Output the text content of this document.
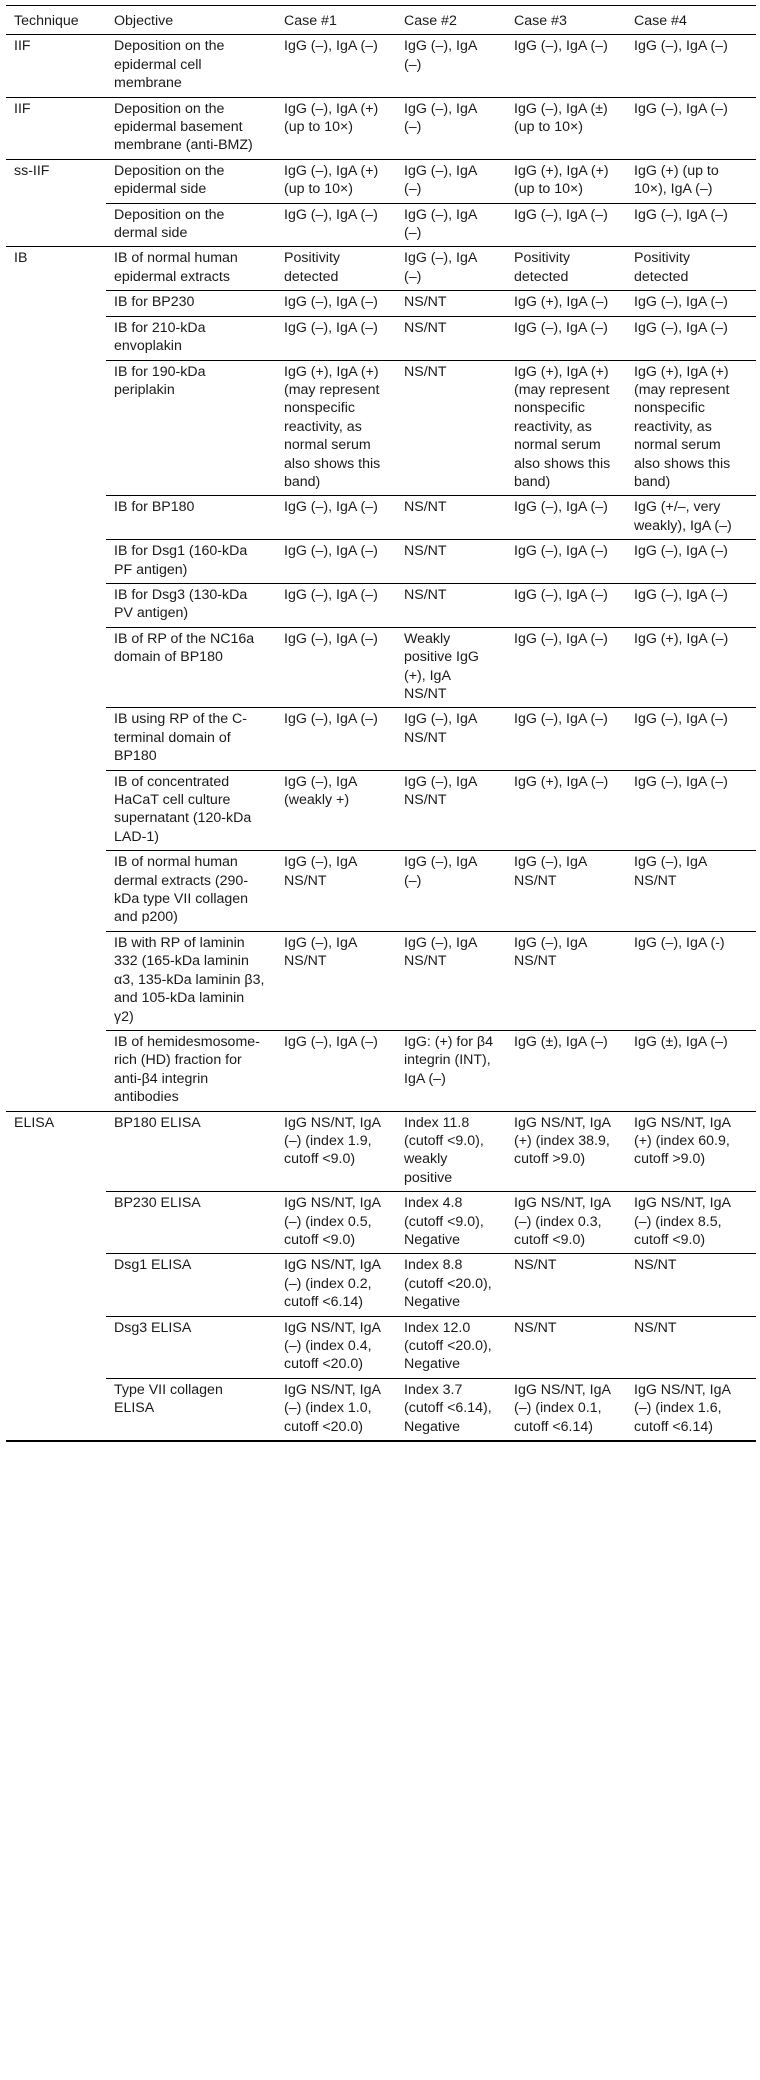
Technique	Objective	Case #1	Case #2	Case #3	Case #4
IIF	Deposition on the epidermal cell membrane	IgG (–), IgA (–)	IgG (–), IgA (–)	IgG (–), IgA (–)	IgG (–), IgA (–)
IIF	Deposition on the epidermal basement membrane (anti-BMZ)	IgG (–), IgA (+) (up to 10×)	IgG (–), IgA (–)	IgG (–), IgA (±) (up to 10×)	IgG (–), IgA (–)
ss-IIF	Deposition on the epidermal side	IgG (–), IgA (+) (up to 10×)	IgG (–), IgA (–)	IgG (+), IgA (+) (up to 10×)	IgG (+) (up to 10×), IgA (–)
	Deposition on the dermal side	IgG (–), IgA (–)	IgG (–), IgA (–)	IgG (–), IgA (–)	IgG (–), IgA (–)
IB	IB of normal human epidermal extracts	Positivity detected	IgG (–), IgA (–)	Positivity detected	Positivity detected
	IB for BP230	IgG (–), IgA (–)	NS/NT	IgG (+), IgA (–)	IgG (–), IgA (–)
	IB for 210-kDa envoplakin	IgG (–), IgA (–)	NS/NT	IgG (–), IgA (–)	IgG (–), IgA (–)
	IB for 190-kDa periplakin	IgG (+), IgA (+) (may represent nonspecific reactivity, as normal serum also shows this band)	NS/NT	IgG (+), IgA (+) (may represent nonspecific reactivity, as normal serum also shows this band)	IgG (+), IgA (+) (may represent nonspecific reactivity, as normal serum also shows this band)
	IB for BP180	IgG (–), IgA (–)	NS/NT	IgG (–), IgA (–)	IgG (+/–, very weakly), IgA (–)
	IB for Dsg1 (160-kDa PF antigen)	IgG (–), IgA (–)	NS/NT	IgG (–), IgA (–)	IgG (–), IgA (–)
	IB for Dsg3 (130-kDa PV antigen)	IgG (–), IgA (–)	NS/NT	IgG (–), IgA (–)	IgG (–), IgA (–)
	IB of RP of the NC16a domain of BP180	IgG (–), IgA (–)	Weakly positive IgG (+), IgA NS/NT	IgG (–), IgA (–)	IgG (+), IgA (–)
	IB using RP of the C-terminal domain of BP180	IgG (–), IgA (–)	IgG (–), IgA NS/NT	IgG (–), IgA (–)	IgG (–), IgA (–)
	IB of concentrated HaCaT cell culture supernatant (120-kDa LAD-1)	IgG (–), IgA (weakly +)	IgG (–), IgA NS/NT	IgG (+), IgA (–)	IgG (–), IgA (–)
	IB of normal human dermal extracts (290-kDa type VII collagen and p200)	IgG (–), IgA NS/NT	IgG (–), IgA (–)	IgG (–), IgA NS/NT	IgG (–), IgA NS/NT
	IB with RP of laminin 332 (165-kDa laminin α3, 135-kDa laminin β3, and 105-kDa laminin γ2)	IgG (–), IgA NS/NT	IgG (–), IgA NS/NT	IgG (–), IgA NS/NT	IgG (–), IgA (-)
	IB of hemidesmosome-rich (HD) fraction for anti-β4 integrin antibodies	IgG (–), IgA (–)	IgG: (+) for β4 integrin (INT), IgA (–)	IgG (±), IgA (–)	IgG (±), IgA (–)
ELISA	BP180 ELISA	IgG NS/NT, IgA (–) (index 1.9, cutoff <9.0)	Index 11.8 (cutoff <9.0), weakly positive	IgG NS/NT, IgA (+) (index 38.9, cutoff >9.0)	IgG NS/NT, IgA (+) (index 60.9, cutoff >9.0)
	BP230 ELISA	IgG NS/NT, IgA (–) (index 0.5, cutoff <9.0)	Index 4.8 (cutoff <9.0), Negative	IgG NS/NT, IgA (–) (index 0.3, cutoff <9.0)	IgG NS/NT, IgA (–) (index 8.5, cutoff <9.0)
	Dsg1 ELISA	IgG NS/NT, IgA (–) (index 0.2, cutoff <6.14)	Index 8.8 (cutoff <20.0), Negative	NS/NT	NS/NT
	Dsg3 ELISA	IgG NS/NT, IgA (–) (index 0.4, cutoff <20.0)	Index 12.0 (cutoff <20.0), Negative	NS/NT	NS/NT
	Type VII collagen ELISA	IgG NS/NT, IgA (–) (index 1.0, cutoff <20.0)	Index 3.7 (cutoff <6.14), Negative	IgG NS/NT, IgA (–) (index 0.1, cutoff <6.14)	IgG NS/NT, IgA (–) (index 1.6, cutoff <6.14)
